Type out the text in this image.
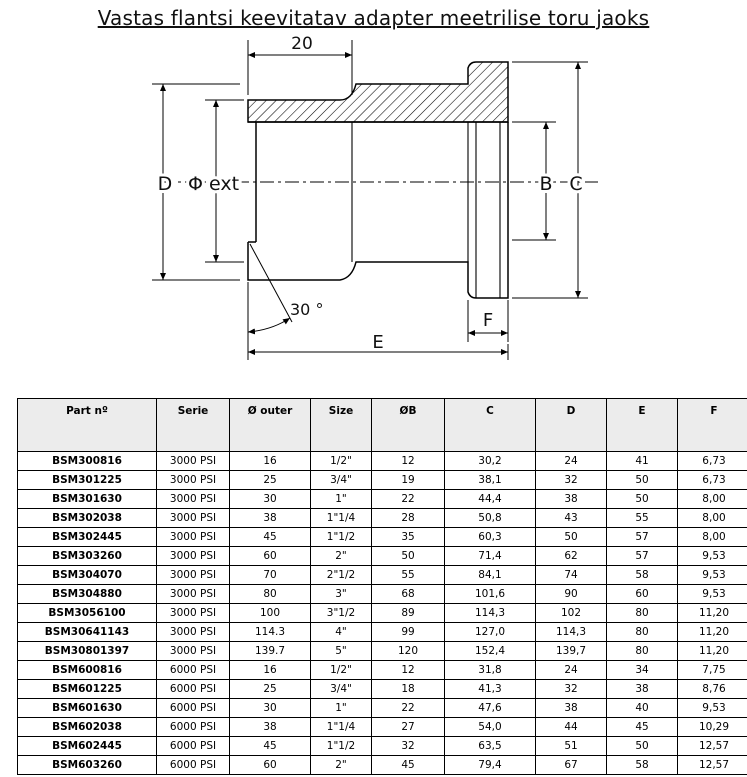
Vastas flantsi keevitatav adapter meetrilise toru jaoks
20
D Φ ext	B C
30 °
F
E
Part nº	Serie	Ø outer	Size	ØB	C	D	E	F
BSM300816	3000 PSI	16	1/2"	12	30,2	24	41	6,73
BSM301225	3000 PSI	25	3/4"	19	38,1	32	50	6,73
BSM301630	3000 PSI	30	1"	22	44,4	38	50	8,00
BSM302038	3000 PSI	38	1"1/4	28	50,8	43	55	8,00
BSM302445	3000 PSI	45	1"1/2	35	60,3	50	57	8,00
BSM303260	3000 PSI	60	2"	50	71,4	62	57	9,53
BSM304070	3000 PSI	70	2"1/2	55	84,1	74	58	9,53
BSM304880	3000 PSI	80	3"	68	101,6	90	60	9,53
BSM3056100	3000 PSI	100	3"1/2	89	114,3	102	80	11,20
BSM30641143	3000 PSI	114.3	4"	99	127,0	114,3	80	11,20
BSM30801397	3000 PSI	139.7	5"	120	152,4	139,7	80	11,20
BSM600816	6000 PSI	16	1/2"	12	31,8	24	34	7,75
BSM601225	6000 PSI	25	3/4"	18	41,3	32	38	8,76
BSM601630	6000 PSI	30	1"	22	47,6	38	40	9,53
BSM602038	6000 PSI	38	1"1/4	27	54,0	44	45	10,29
BSM602445	6000 PSI	45	1"1/2	32	63,5	51	50	12,57
BSM603260	6000 PSI	60	2"	45	79,4	67	58	12,57
